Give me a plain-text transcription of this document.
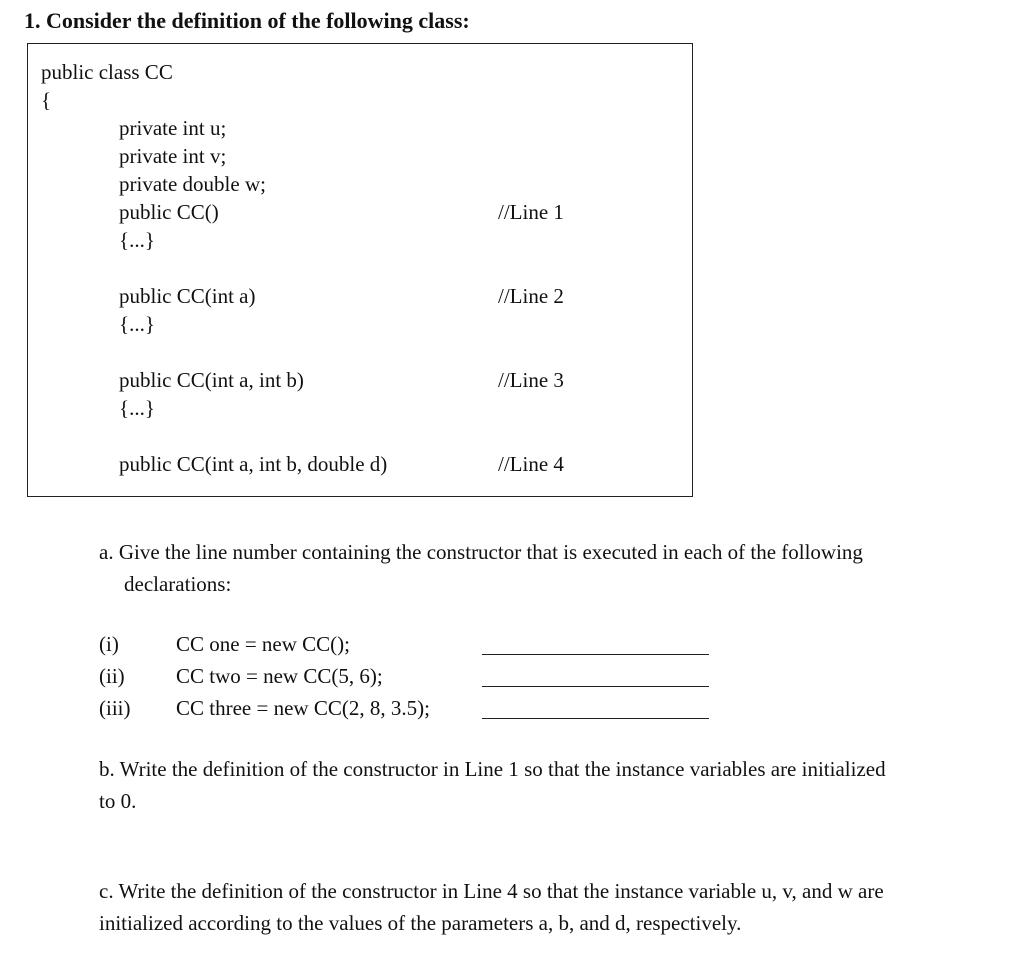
1. Consider the definition of the following class:
public class CC
{
private int u;
private int v;
private double w;
public CC()	//Line 1
{...}
public CC(int a)	//Line 2
{...}
public CC(int a, int b)	//Line 3
{...}
public CC(int a, int b, double d)	//Line 4
a. Give the line number containing the constructor that is executed in each of the following
declarations:
(i)	CC one = new CC();
(ii) CC two = new CC(5, 6);
(iii) CC three = new CC(2, 8, 3.5);
b. Write the definition of the constructor in Line 1 so that the instance variables are initialized
to 0.
c. Write the definition of the constructor in Line 4 so that the instance variable u, v, and w are
initialized according to the values of the parameters a, b, and d, respectively.
